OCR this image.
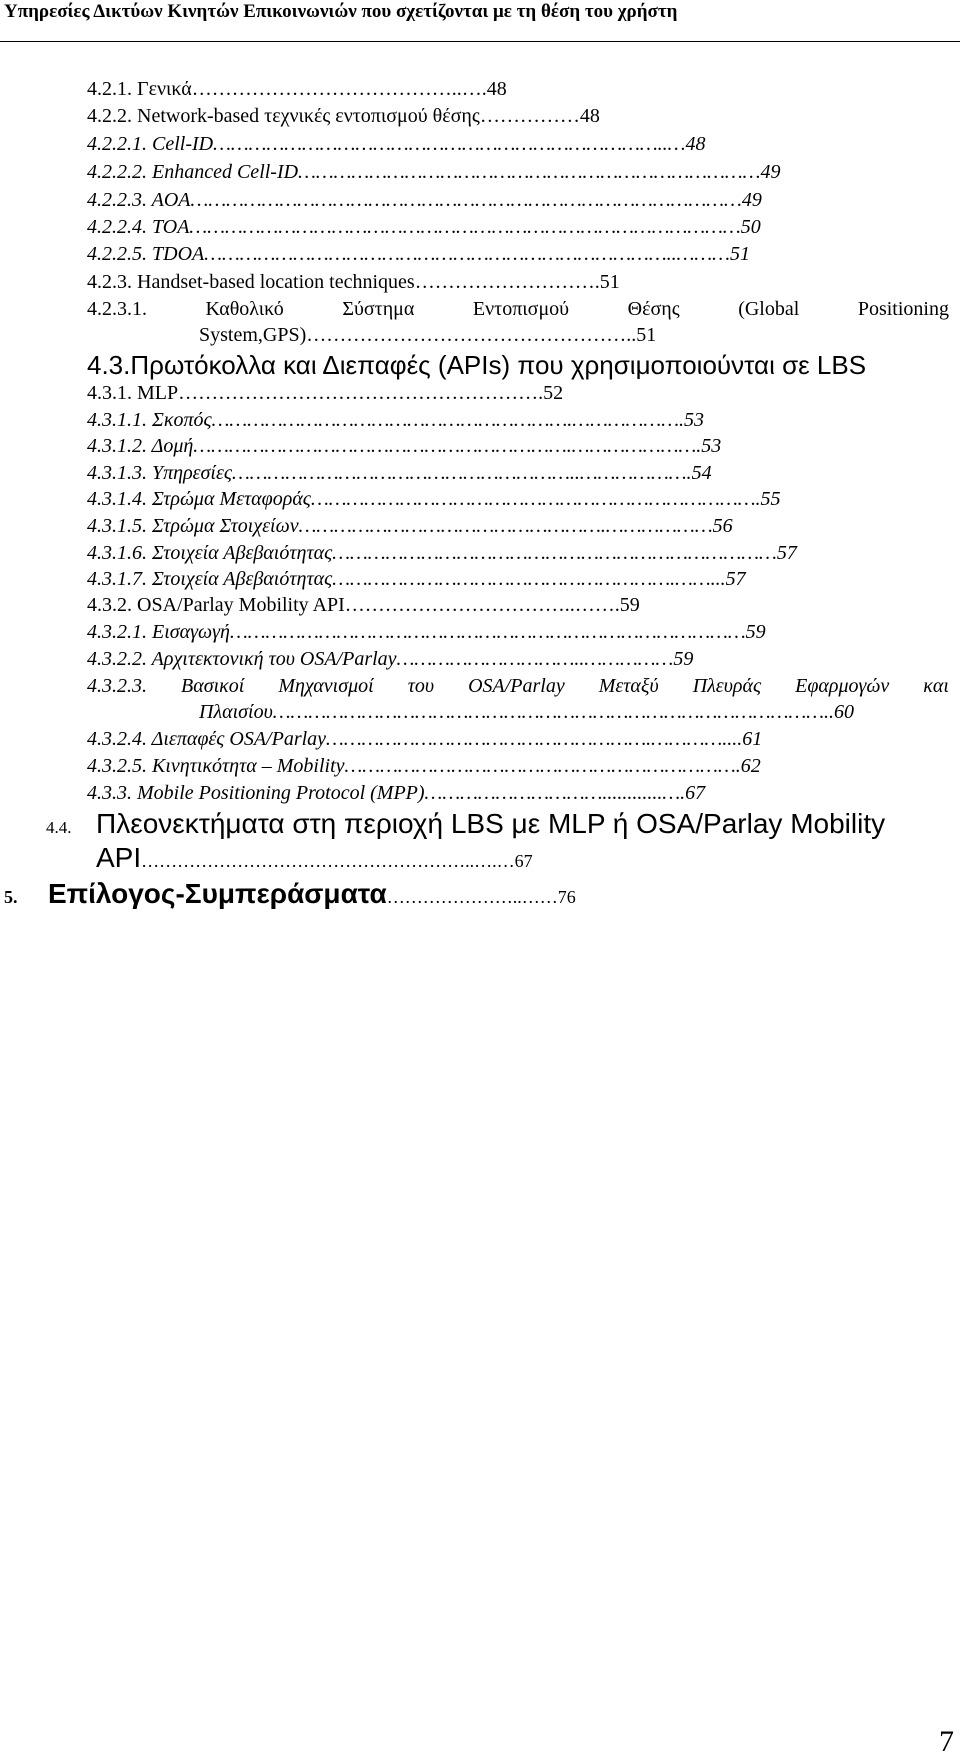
Υπηρεσίες Δικτύων Κινητών Επικοινωνιών που σχετίζονται με τη θέση του χρήστη
4.2.1. Γενικά…………………………………..….48
4.2.2. Network-based τεχνικές εντοπισμού θέσης……………48
4.2.2.1. Cell-ID…………………………………………………………………..…48
4.2.2.2. Enhanced Cell-ID……………………………………………………………………49
4.2.2.3. AOA…………………………………………………………………………………49
4.2.2.4. TOA…………………………………………………………………………………50
4.2.2.5. TDOA……………………………………………………………………..………51
4.2.3. Handset-based location techniques……………………….51
4.2.3.1.	Καθολικό	Σύστημα	Εντοπισμού	Θέσης	(Global	Positioning
System,GPS)…………………………………………..51
4.3.Πρωτόκολλα και Διεπαφές (APIs) που χρησιμοποιούνται σε LBS
4.3.1. MLP……………………………………………….52
4.3.1.1. Σκοπός…………………………………………………….……………….53
4.3.1.2. Δομή……………………………………………………….………………….53
4.3.1.3. Υπηρεσίες…………………………………………………..……………….54
4.3.1.4. Στρώμα Μεταφοράς………………………………………………………………….55
4.3.1.5. Στρώμα Στοιχείων…………………………………………….………………56
4.3.1.6. Στοιχεία Αβεβαιότητας…………………………………………………………………57
4.3.1.7. Στοιχεία Αβεβαιότητας………………………………………………….……...57
4.3.2. OSA/Parlay Mobility API……………………………..…….59
4.3.2.1. Εισαγωγή……………………………………………………………………………59
4.3.2.2. Αρχιτεκτονική του OSA/Parlay…………………………..……………59
4.3.2.3. Βασικοί Μηχανισμοί του OSA/Parlay Μεταξύ Πλευράς Εφαρμογών και
Πλαισίου…………………………………………………………………………………..60
4.3.2.4. Διεπαφές OSA/Parlay……………………………………………….…………....61
4.3.2.5. Κινητικότητα – Mobility………………………………………………………….62
4.3.3. Mobile Positioning Protocol (MPP)…………………………............….67
4.4. Πλεονεκτήματα στη περιοχή LBS με MLP ή OSA/Parlay Mobility
API………………………………………………..….…67
5. Επίλογος-Συμπεράσματα…………………..……76
7
